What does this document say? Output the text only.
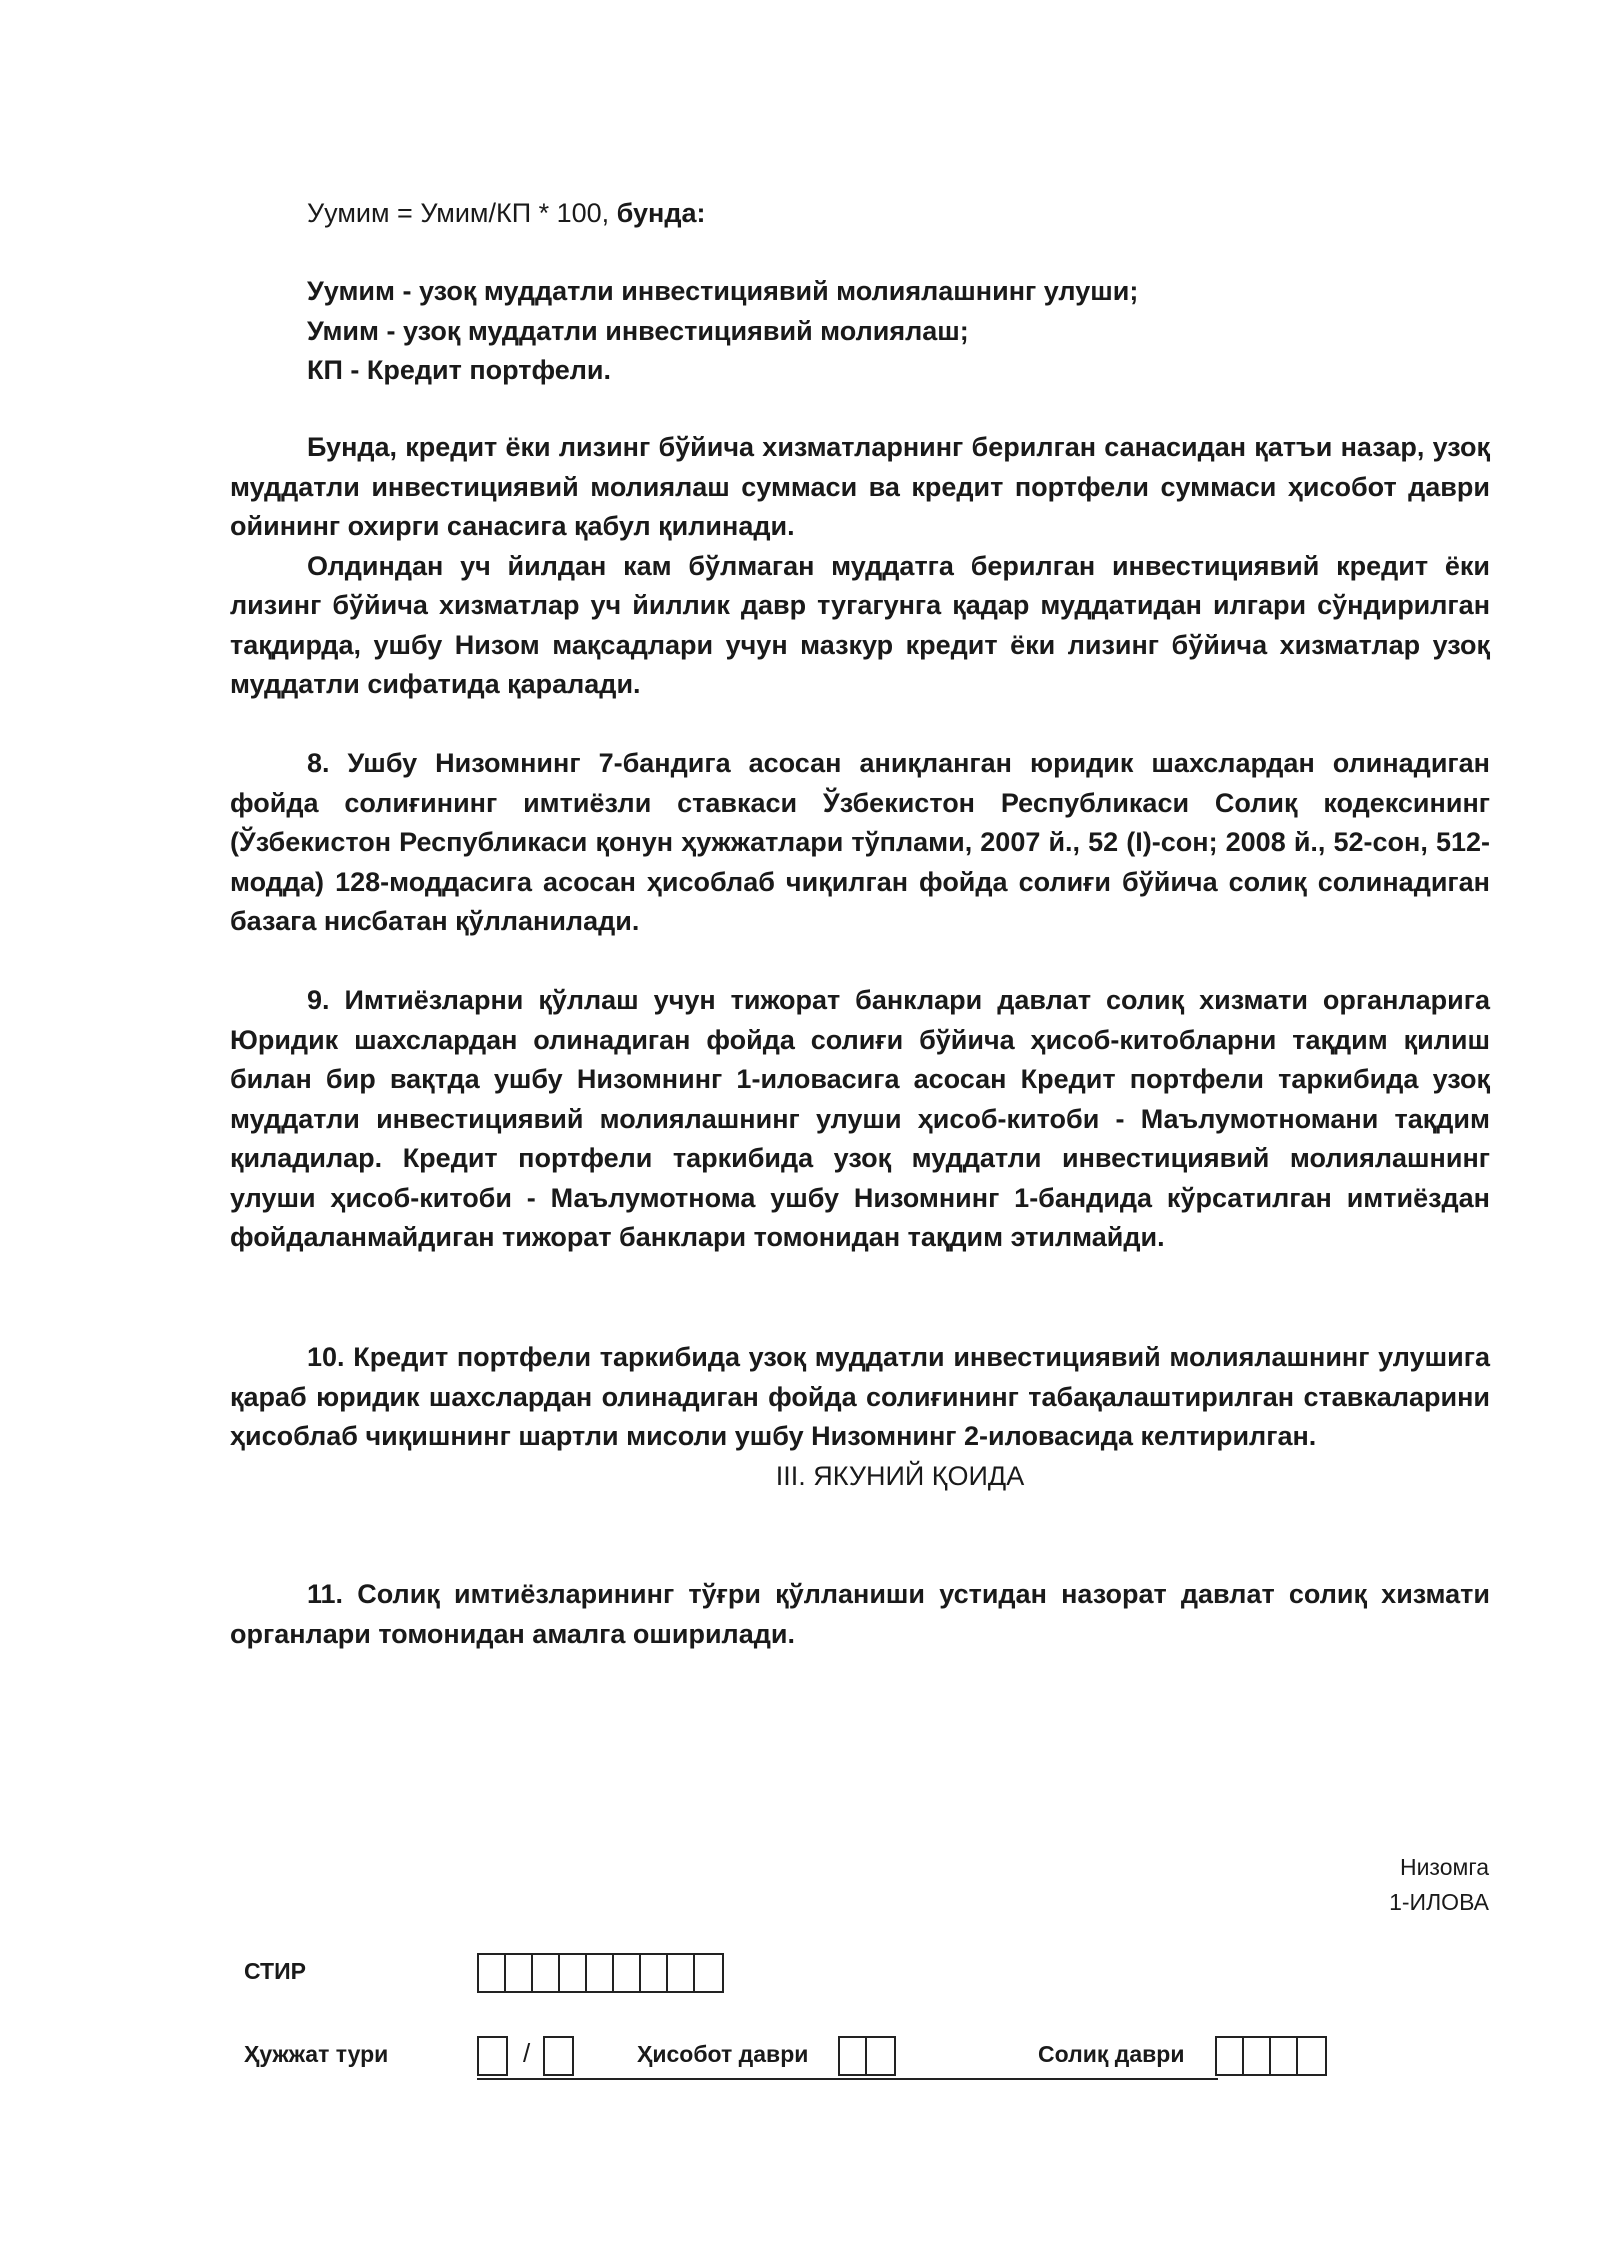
Уумим = Умим/КП * 100, бунда:

Уумим - узоқ муддатли инвестициявий молиялашнинг улуши;

Умим - узоқ муддатли инвестициявий молиялаш;

КП - Кредит портфели.

Бунда, кредит ёки лизинг бўйича хизматларнинг берилган санасидан қатъи назар, узоқ муддатли инвестициявий молиялаш суммаси ва кредит портфели суммаси ҳисобот даври ойининг охирги санасига қабул қилинади.

Олдиндан уч йилдан кам бўлмаган муддатга берилган инвестициявий кредит ёки лизинг бўйича хизматлар уч йиллик давр тугагунга қадар муддатидан илгари сўндирилган тақдирда, ушбу Низом мақсадлари учун мазкур кредит ёки лизинг бўйича хизматлар узоқ муддатли сифатида қаралади.

8. Ушбу Низомнинг 7-бандига асосан аниқланган юридик шахслардан олинадиган фойда солиғининг имтиёзли ставкаси Ўзбекистон Республикаси Солиқ кодексининг (Ўзбекистон Республикаси қонун ҳужжатлари тўплами, 2007 й., 52 (I)-сон; 2008 й., 52-сон, 512-модда) 128-моддасига асосан ҳисоблаб чиқилган фойда солиғи бўйича солиқ солинадиган базага нисбатан қўлланилади.

9. Имтиёзларни қўллаш учун тижорат банклари давлат солиқ хизмати органларига Юридик шахслардан олинадиган фойда солиғи бўйича ҳисоб-китобларни тақдим қилиш билан бир вақтда ушбу Низомнинг 1-иловасига асосан Кредит портфели таркибида узоқ муддатли инвестициявий молиялашнинг улуши ҳисоб-китоби - Маълумотномани тақдим қиладилар. Кредит портфели таркибида узоқ муддатли инвестициявий молиялашнинг улуши ҳисоб-китоби - Маълумотнома ушбу Низомнинг 1-бандида кўрсатилган имтиёздан фойдаланмайдиган тижорат банклари томонидан тақдим этилмайди.

10. Кредит портфели таркибида узоқ муддатли инвестициявий молиялашнинг улушига қараб юридик шахслардан олинадиган фойда солиғининг табақалаштирилган ставкаларини ҳисоблаб чиқишнинг шартли мисоли ушбу Низомнинг 2-иловасида келтирилган.

III. ЯКУНИЙ ҚОИДА

11. Солиқ имтиёзларининг тўғри қўлланиши устидан назорат давлат солиқ хизмати органлари томонидан амалга оширилади.

Низомга
1-ИЛОВА
СТИР
Ҳужжат тури	/	Ҳисобот даври	Солиқ даври
